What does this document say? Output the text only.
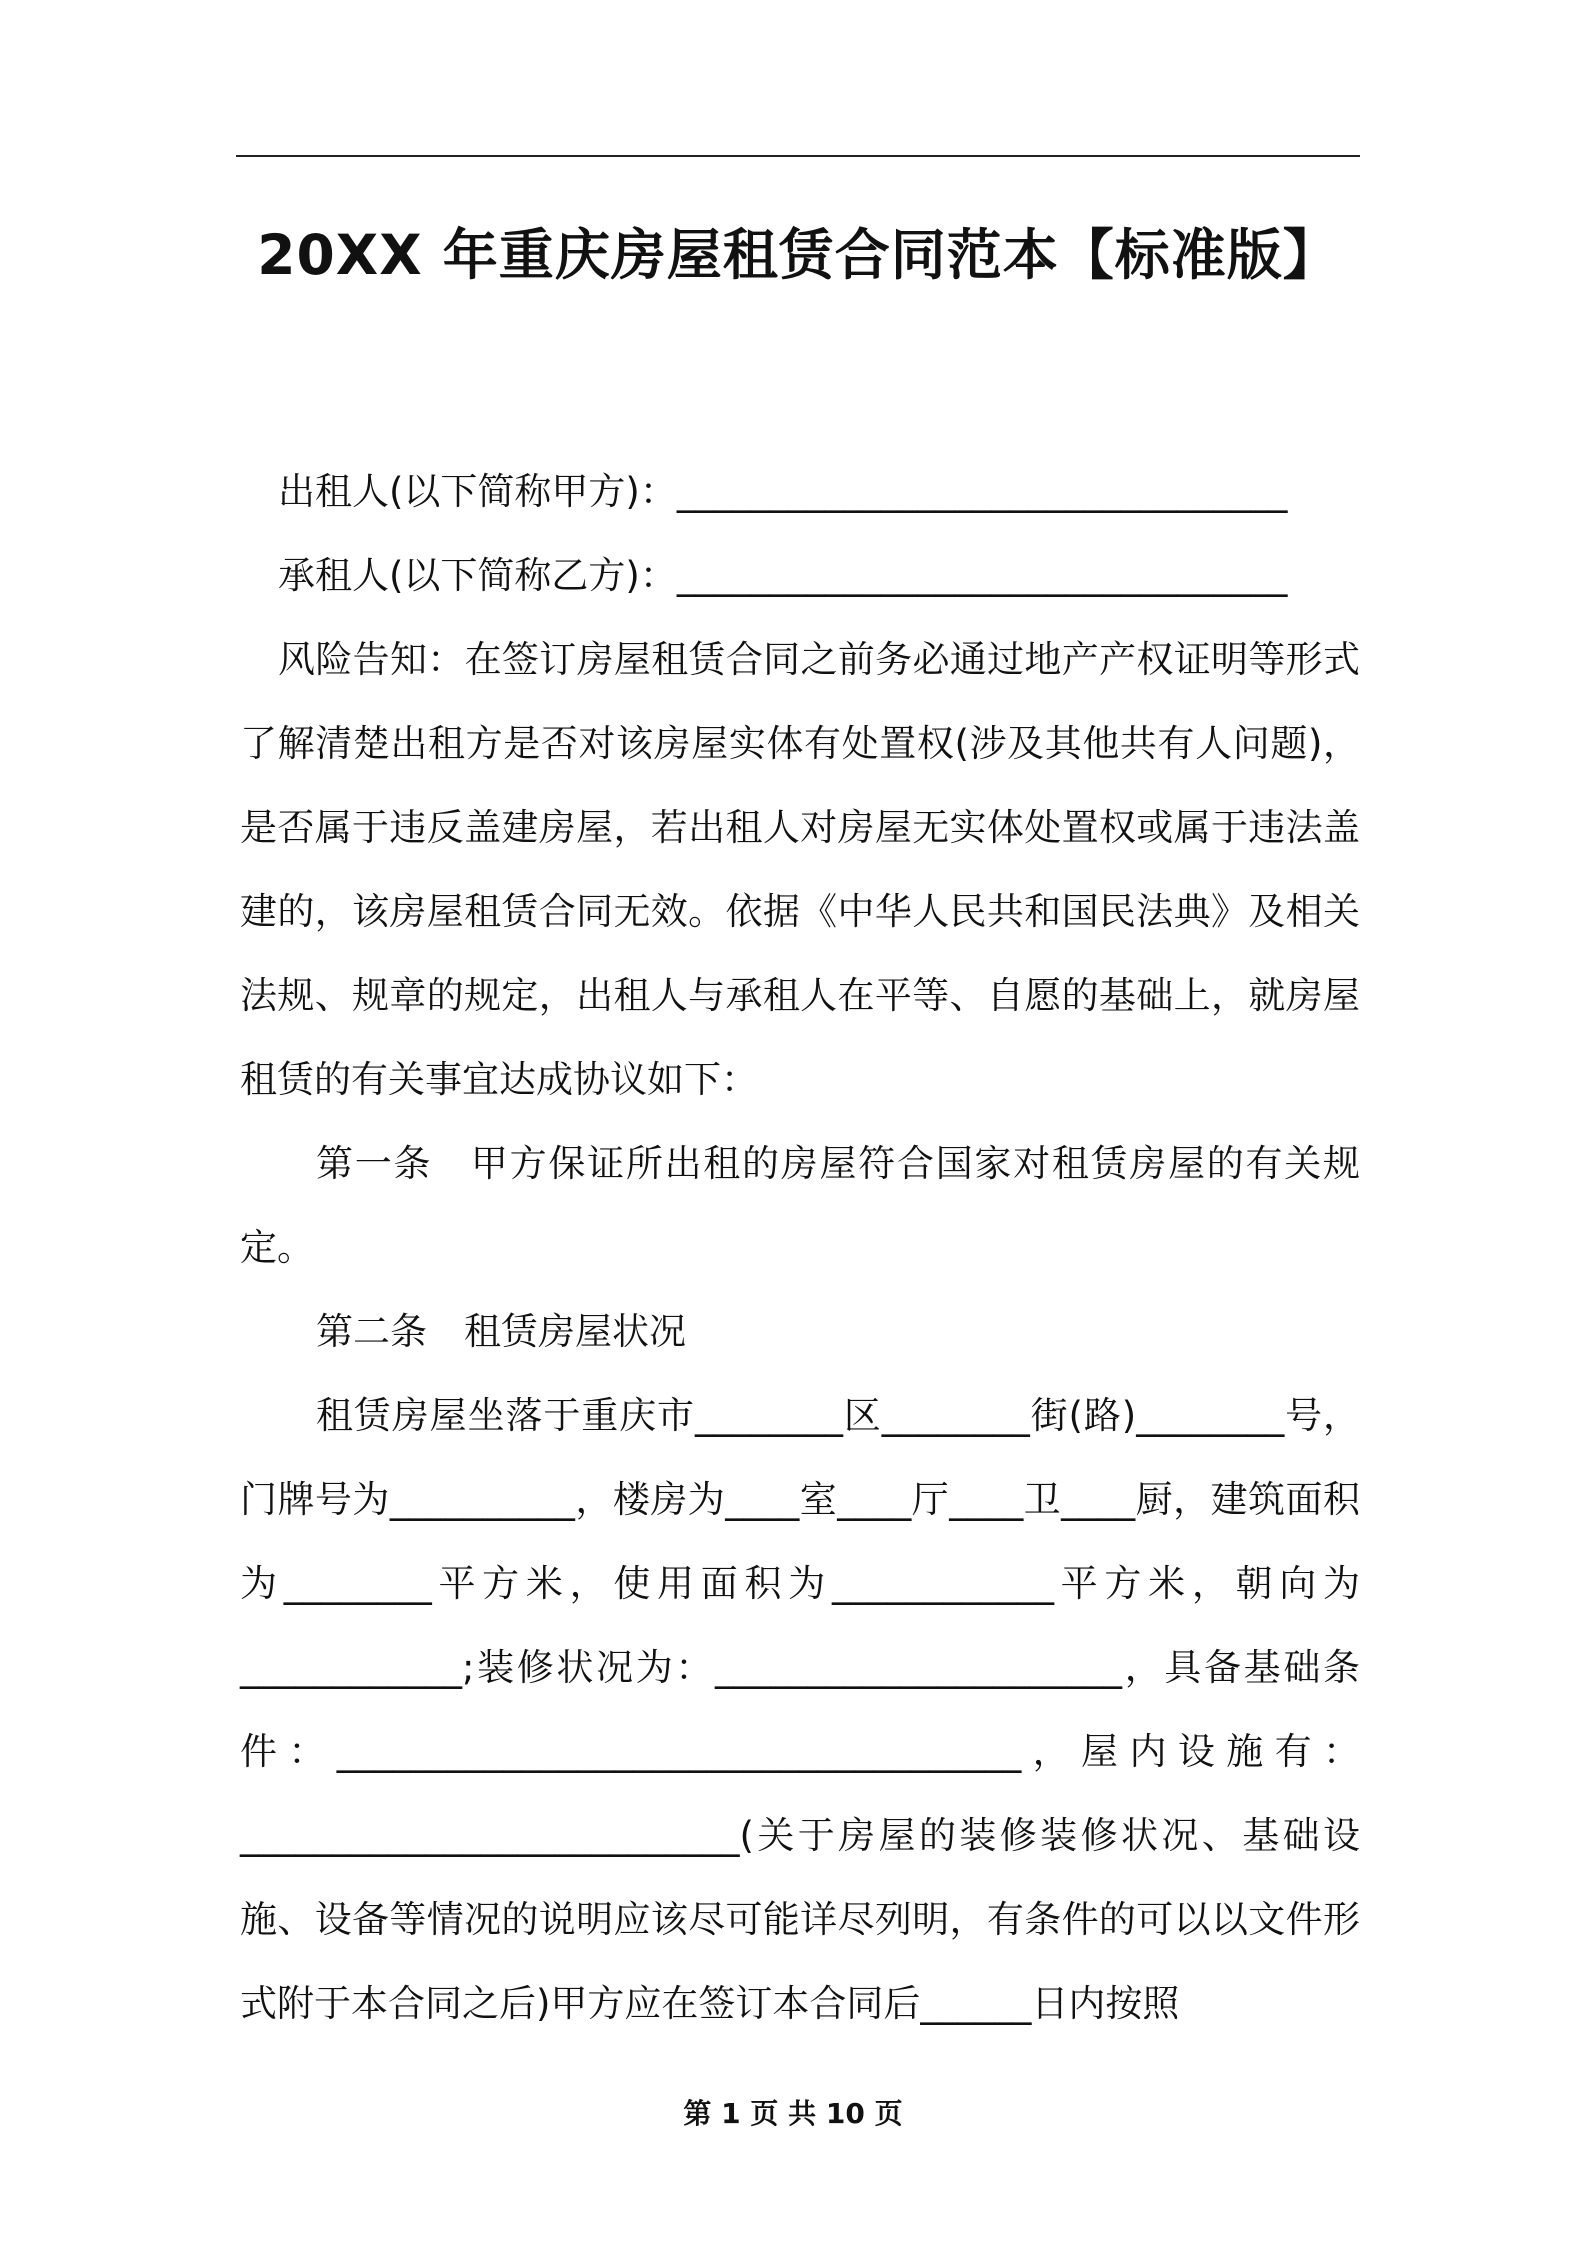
20XX 年重庆房屋租赁合同范本【标准版】

出租人(以下简称甲方)：_________________________________

承租人(以下简称乙方)：_________________________________

风险告知：在签订房屋租赁合同之前务必通过地产产权证明等形式了解清楚出租方是否对该房屋实体有处置权(涉及其他共有人问题)，是否属于违反盖建房屋，若出租人对房屋无实体处置权或属于违法盖建的，该房屋租赁合同无效。依据《中华人民共和国民法典》及相关法规、规章的规定，出租人与承租人在平等、自愿的基础上，就房屋租赁的有关事宜达成协议如下：

第一条　甲方保证所出租的房屋符合国家对租赁房屋的有关规定。

第二条　租赁房屋状况

租赁房屋坐落于重庆市________区________街(路)________号，门牌号为__________，楼房为____室____厅____卫____厨，建筑面积为________平方米，使用面积为____________平方米，朝向为____________;装修状况为：______________________，具备基础条件：_____________________________________，屋内设施有：___________________________(关于房屋的装修装修状况、基础设施、设备等情况的说明应该尽可能详尽列明，有条件的可以以文件形式附于本合同之后)甲方应在签订本合同后______日内按照

第 1 页 共 10 页
